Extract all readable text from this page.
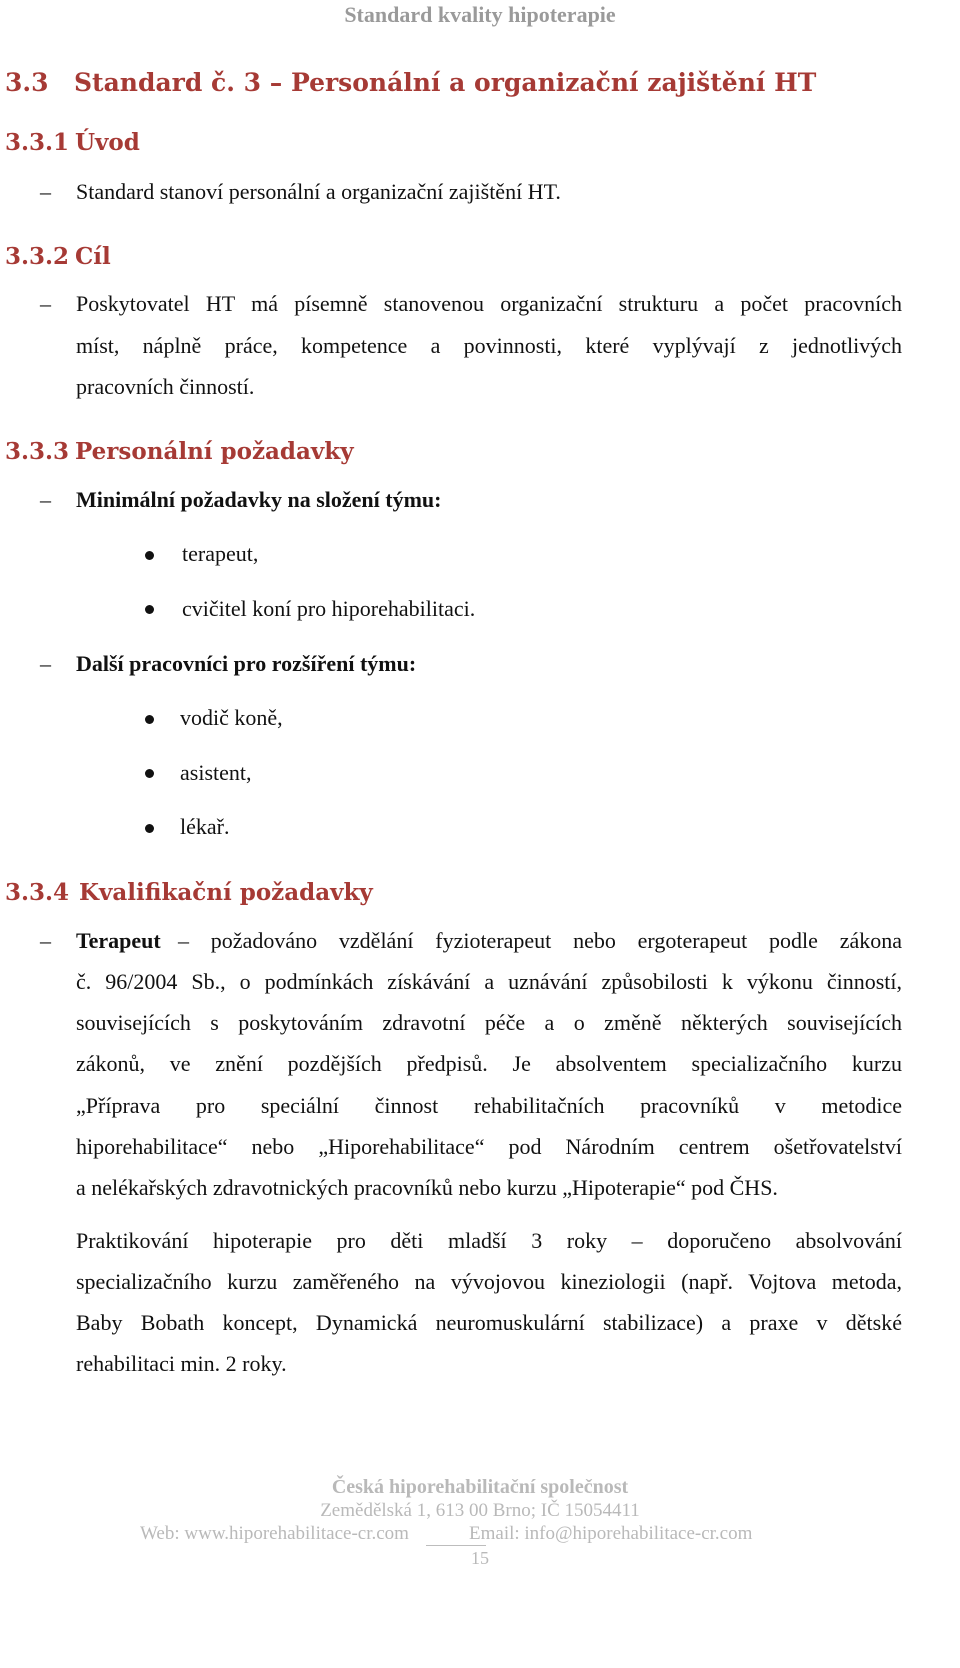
Standard kvality hipoterapie
3.3 Standard č. 3 – Personální a organizační zajištění HT
3.3.1 Úvod
– Standard stanoví personální a organizační zajištění HT.
3.3.2 Cíl
– Poskytovatel HT má písemně stanovenou organizační strukturu a počet pracovních
míst, náplně práce, kompetence a povinnosti, které vyplývají z jednotlivých
pracovních činností.
3.3.3 Personální požadavky
– Minimální požadavky na složení týmu:
terapeut,
cvičitel koní pro hiporehabilitaci.
– Další pracovníci pro rozšíření týmu:
vodič koně,
asistent,
lékař.
3.3.4 Kvalifikační požadavky
– Terapeut – požadováno vzdělání fyzioterapeut nebo ergoterapeut podle zákona
č. 96/2004 Sb., o podmínkách získávání a uznávání způsobilosti k výkonu činností,
souvisejících s poskytováním zdravotní péče a o změně některých souvisejících
zákonů, ve znění pozdějších předpisů. Je absolventem specializačního kurzu
„Příprava pro speciální činnost rehabilitačních pracovníků v metodice
hiporehabilitace“ nebo „Hiporehabilitace“ pod Národním centrem ošetřovatelství
a nelékařských zdravotnických pracovníků nebo kurzu „Hipoterapie“ pod ČHS.
Praktikování hipoterapie pro děti mladší 3 roky – doporučeno absolvování
specializačního kurzu zaměřeného na vývojovou kineziologii (např. Vojtova metoda,
Baby Bobath koncept, Dynamická neuromuskulární stabilizace) a praxe v dětské
rehabilitaci min. 2 roky.
Česká hiporehabilitační společnost
Zemědělská 1, 613 00 Brno; IČ 15054411
Web: www.hiporehabilitace-cr.com	Email: info@hiporehabilitace-cr.com
15
